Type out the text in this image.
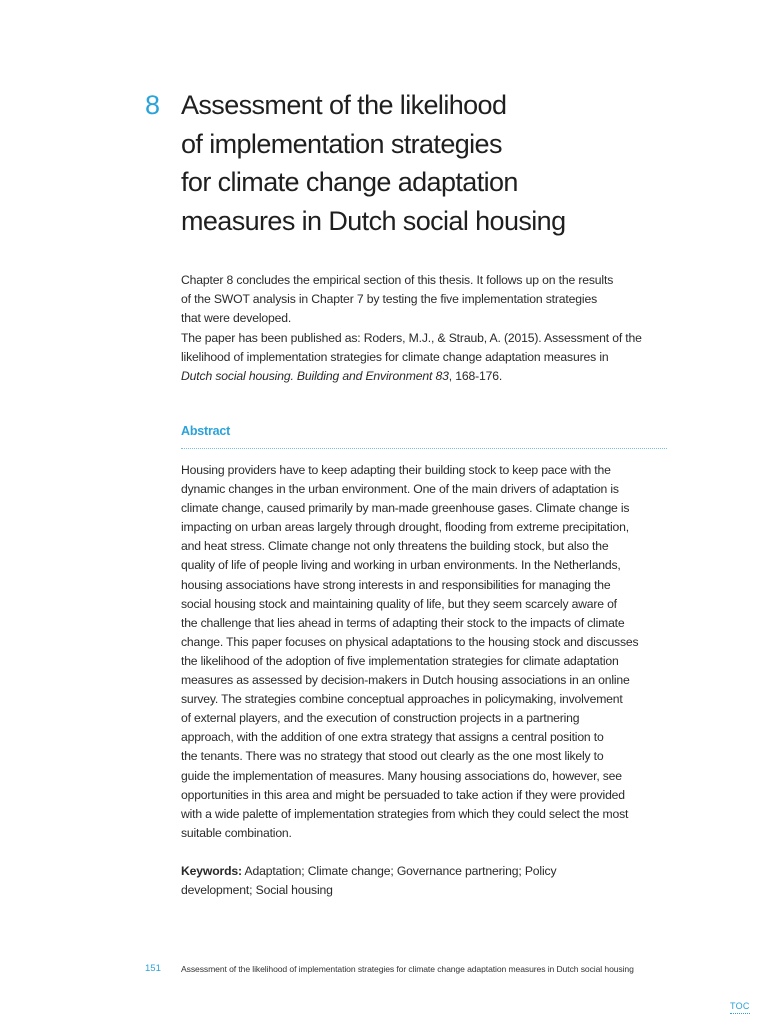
8 Assessment of the likelihood
of implementation strategies
for climate change adaptation
measures in Dutch social housing
Chapter 8 concludes the empirical section of this thesis. It follows up on the results
of the SWOT analysis in Chapter 7 by testing the five implementation strategies
that were developed.
The paper has been published as: Roders, M.J., & Straub, A. (2015). Assessment of the
likelihood of implementation strategies for climate change adaptation measures in
Dutch social housing. Building and Environment 83, 168-176.
Abstract
Housing providers have to keep adapting their building stock to keep pace with the
dynamic changes in the urban environment. One of the main drivers of adaptation is
climate change, caused primarily by man-made greenhouse gases. Climate change is
impacting on urban areas largely through drought, flooding from extreme precipitation,
and heat stress. Climate change not only threatens the building stock, but also the
quality of life of people living and working in urban environments. In the Netherlands,
housing associations have strong interests in and responsibilities for managing the
social housing stock and maintaining quality of life, but they seem scarcely aware of
the challenge that lies ahead in terms of adapting their stock to the impacts of climate
change. This paper focuses on physical adaptations to the housing stock and discusses
the likelihood of the adoption of five implementation strategies for climate adaptation
measures as assessed by decision-makers in Dutch housing associations in an online
survey. The strategies combine conceptual approaches in policymaking, involvement
of external players, and the execution of construction projects in a partnering
approach, with the addition of one extra strategy that assigns a central position to
the tenants. There was no strategy that stood out clearly as the one most likely to
guide the implementation of measures. Many housing associations do, however, see
opportunities in this area and might be persuaded to take action if they were provided
with a wide palette of implementation strategies from which they could select the most
suitable combination.
Keywords: Adaptation; Climate change; Governance partnering; Policy
development; Social housing
151 Assessment of the likelihood of implementation strategies for climate change adaptation measures in Dutch social housing
TOC
